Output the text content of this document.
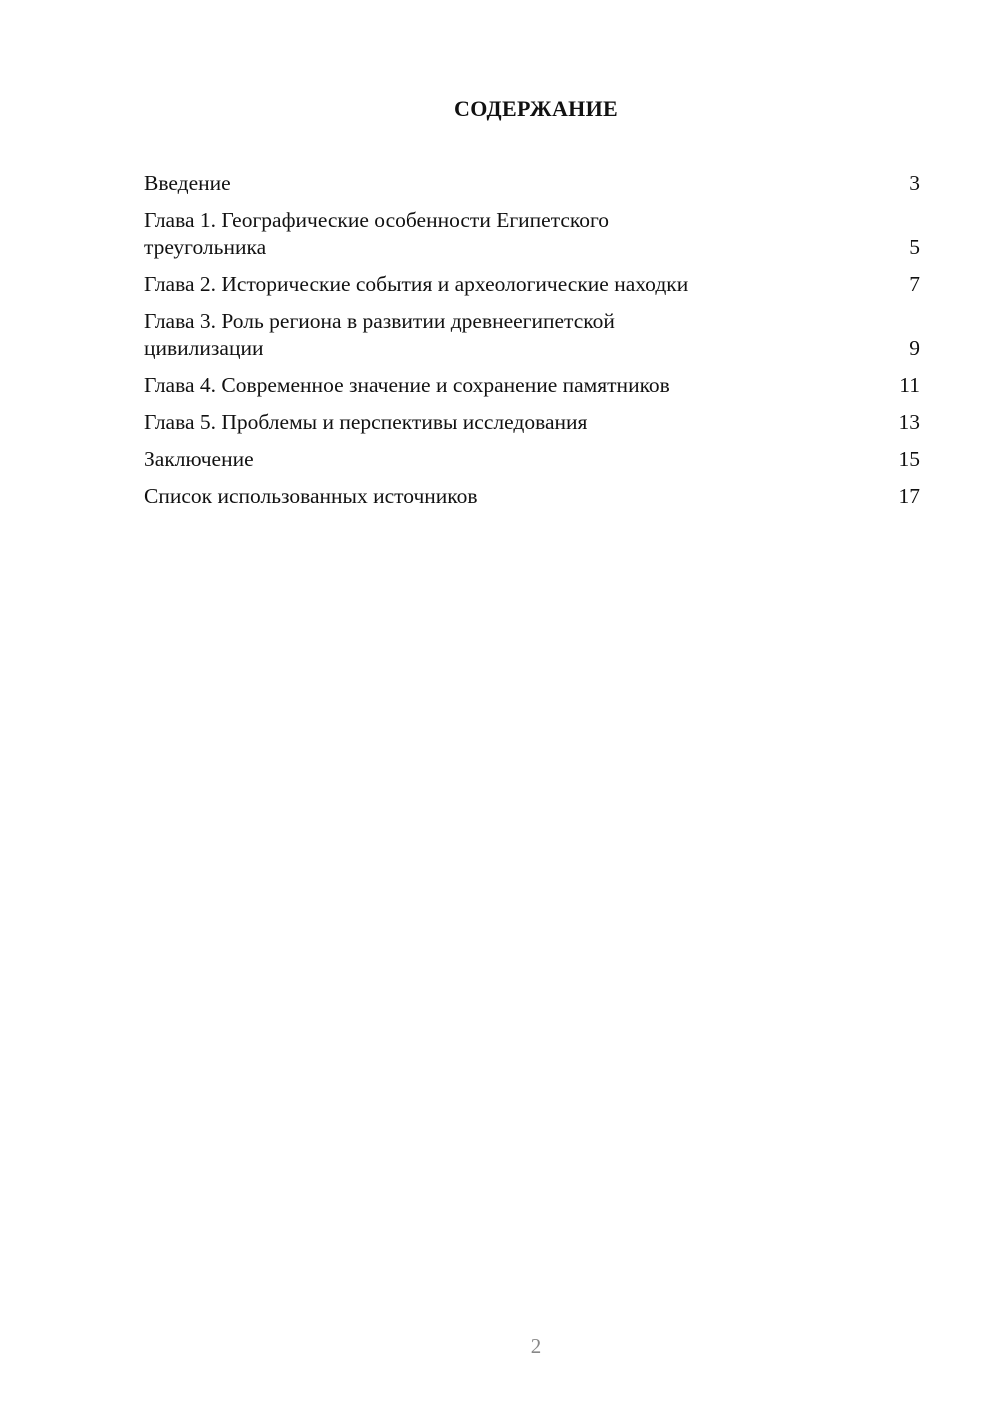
СОДЕРЖАНИЕ
Введение	3
Глава 1. Географические особенности Египетского треугольника	5
Глава 2. Исторические события и археологические находки	7
Глава 3. Роль региона в развитии древнеегипетской цивилизации	9
Глава 4. Современное значение и сохранение памятников	11
Глава 5. Проблемы и перспективы исследования	13
Заключение	15
Список использованных источников	17
2
